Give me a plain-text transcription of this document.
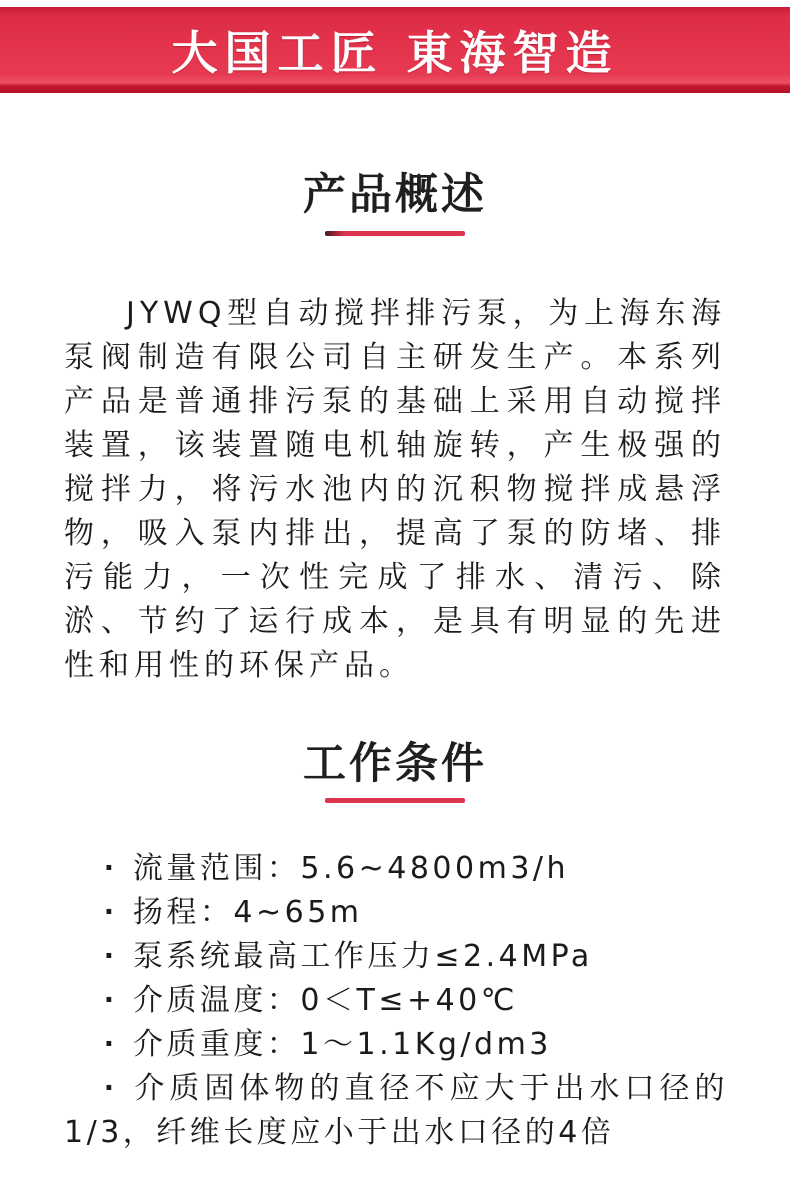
大国工匠 東海智造
产品概述

JYWQ型自动搅拌排污泵，为上海东海泵阀制造有限公司自主研发生产。本系列产品是普通排污泵的基础上采用自动搅拌装置，该装置随电机轴旋转，产生极强的搅拌力，将污水池内的沉积物搅拌成悬浮物，吸入泵内排出，提高了泵的防堵、排污能力，一次性完成了排水、清污、除淤、节约了运行成本，是具有明显的先进性和用性的环保产品。

工作条件
· 流量范围：5.6~4800m3/h
· 扬程：4~65m
· 泵系统最高工作压力≤2.4MPa
· 介质温度：0＜T≤+40℃
· 介质重度：1～1.1Kg/dm3
· 介质固体物的直径不应大于出水口径的1/3，纤维长度应小于出水口径的4倍
